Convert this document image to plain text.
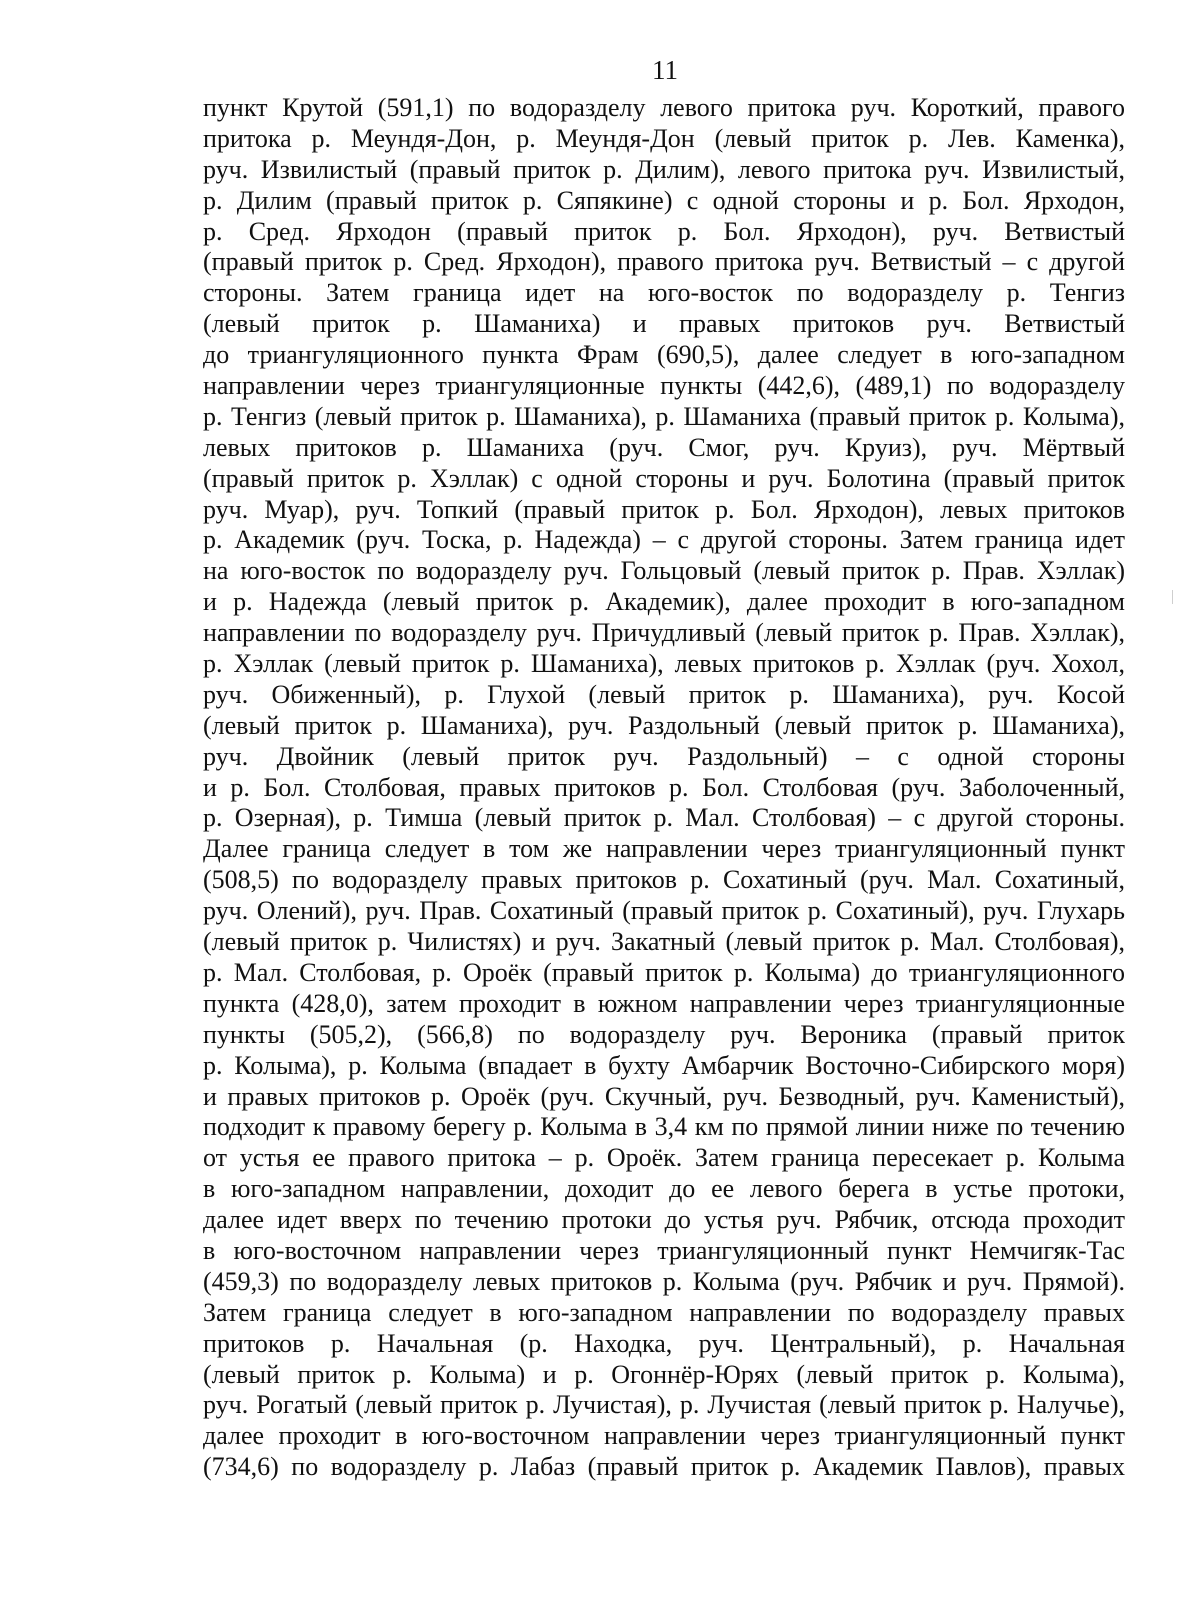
11
пункт Крутой (591,1) по водоразделу левого притока руч. Короткий, правого
притока р. Меундя-Дон, р. Меундя-Дон (левый приток р. Лев. Каменка),
руч. Извилистый (правый приток р. Дилим), левого притока руч. Извилистый,
р. Дилим (правый приток р. Сяпякине) с одной стороны и р. Бол. Ярходон,
р. Сред. Ярходон (правый приток р. Бол. Ярходон), руч. Ветвистый
(правый приток р. Сред. Ярходон), правого притока руч. Ветвистый – с другой
стороны. Затем граница идет на юго-восток по водоразделу р. Тенгиз
(левый приток р. Шаманиха) и правых притоков руч. Ветвистый
до триангуляционного пункта Фрам (690,5), далее следует в юго-западном
направлении через триангуляционные пункты (442,6), (489,1) по водоразделу
р. Тенгиз (левый приток р. Шаманиха), р. Шаманиха (правый приток р. Колыма),
левых притоков р. Шаманиха (руч. Смог, руч. Круиз), руч. Мёртвый
(правый приток р. Хэллак) с одной стороны и руч. Болотина (правый приток
руч. Муар), руч. Топкий (правый приток р. Бол. Ярходон), левых притоков
р. Академик (руч. Тоска, р. Надежда) – с другой стороны. Затем граница идет
на юго-восток по водоразделу руч. Гольцовый (левый приток р. Прав. Хэллак)
и р. Надежда (левый приток р. Академик), далее проходит в юго-западном
направлении по водоразделу руч. Причудливый (левый приток р. Прав. Хэллак),
р. Хэллак (левый приток р. Шаманиха), левых притоков р. Хэллак (руч. Хохол,
руч. Обиженный), р. Глухой (левый приток р. Шаманиха), руч. Косой
(левый приток р. Шаманиха), руч. Раздольный (левый приток р. Шаманиха),
руч. Двойник (левый приток руч. Раздольный) – с одной стороны
и р. Бол. Столбовая, правых притоков р. Бол. Столбовая (руч. Заболоченный,
р. Озерная), р. Тимша (левый приток р. Мал. Столбовая) – с другой стороны.
Далее граница следует в том же направлении через триангуляционный пункт
(508,5) по водоразделу правых притоков р. Сохатиный (руч. Мал. Сохатиный,
руч. Олений), руч. Прав. Сохатиный (правый приток р. Сохатиный), руч. Глухарь
(левый приток р. Чилистях) и руч. Закатный (левый приток р. Мал. Столбовая),
р. Мал. Столбовая, р. Ороёк (правый приток р. Колыма) до триангуляционного
пункта (428,0), затем проходит в южном направлении через триангуляционные
пункты (505,2), (566,8) по водоразделу руч. Вероника (правый приток
р. Колыма), р. Колыма (впадает в бухту Амбарчик Восточно-Сибирского моря)
и правых притоков р. Ороёк (руч. Скучный, руч. Безводный, руч. Каменистый),
подходит к правому берегу р. Колыма в 3,4 км по прямой линии ниже по течению
от устья ее правого притока – р. Ороёк. Затем граница пересекает р. Колыма
в юго-западном направлении, доходит до ее левого берега в устье протоки,
далее идет вверх по течению протоки до устья руч. Рябчик, отсюда проходит
в юго-восточном направлении через триангуляционный пункт Немчигяк-Тас
(459,3) по водоразделу левых притоков р. Колыма (руч. Рябчик и руч. Прямой).
Затем граница следует в юго-западном направлении по водоразделу правых
притоков р. Начальная (р. Находка, руч. Центральный), р. Начальная
(левый приток р. Колыма) и р. Огоннёр-Юрях (левый приток р. Колыма),
руч. Рогатый (левый приток р. Лучистая), р. Лучистая (левый приток р. Налучье),
далее проходит в юго-восточном направлении через триангуляционный пункт
(734,6) по водоразделу р. Лабаз (правый приток р. Академик Павлов), правых
